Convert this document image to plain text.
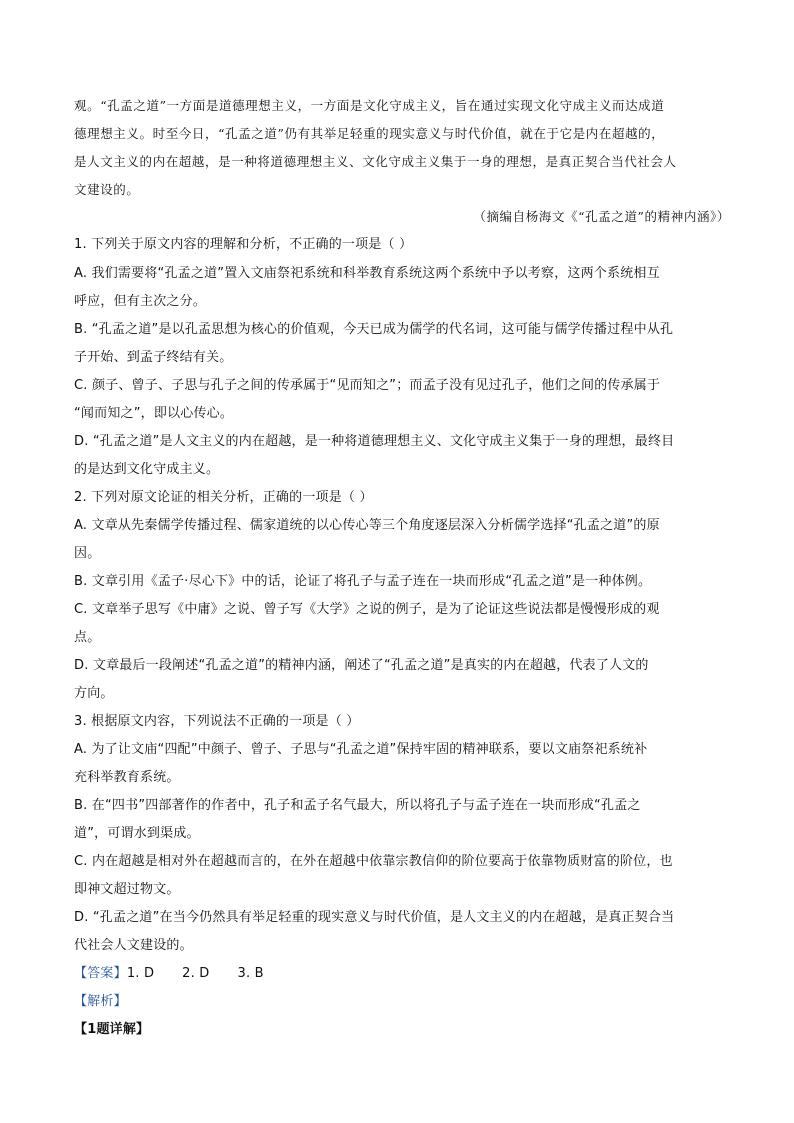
观。“孔孟之道”一方面是道德理想主义，一方面是文化守成主义，旨在通过实现文化守成主义而达成道
德理想主义。时至今日，“孔孟之道”仍有其举足轻重的现实意义与时代价值，就在于它是内在超越的，
是人文主义的内在超越，是一种将道德理想主义、文化守成主义集于一身的理想，是真正契合当代社会人
文建设的。
（摘编自杨海文《“孔孟之道”的精神内涵》）
1. 下列关于原文内容的理解和分析，不正确的一项是（ ）
A. 我们需要将“孔孟之道”置入文庙祭祀系统和科举教育系统这两个系统中予以考察，这两个系统相互
呼应，但有主次之分。
B. “孔孟之道”是以孔孟思想为核心的价值观，今天已成为儒学的代名词，这可能与儒学传播过程中从孔
子开始、到孟子终结有关。
C. 颜子、曾子、子思与孔子之间的传承属于“见而知之”；而孟子没有见过孔子，他们之间的传承属于
“闻而知之”，即以心传心。
D. “孔孟之道”是人文主义的内在超越，是一种将道德理想主义、文化守成主义集于一身的理想，最终目
的是达到文化守成主义。
2. 下列对原文论证的相关分析，正确的一项是（ ）
A. 文章从先秦儒学传播过程、儒家道统的以心传心等三个角度逐层深入分析儒学选择“孔孟之道”的原
因。
B. 文章引用《孟子·尽心下》中的话，论证了将孔子与孟子连在一块而形成“孔孟之道”是一种体例。
C. 文章举子思写《中庸》之说、曾子写《大学》之说的例子，是为了论证这些说法都是慢慢形成的观
点。
D. 文章最后一段阐述“孔孟之道”的精神内涵，阐述了“孔孟之道”是真实的内在超越，代表了人文的
方向。
3. 根据原文内容，下列说法不正确的一项是（ ）
A. 为了让文庙“四配”中颜子、曾子、子思与“孔孟之道”保持牢固的精神联系，要以文庙祭祀系统补
充科举教育系统。
B. 在“四书”四部著作的作者中，孔子和孟子名气最大，所以将孔子与孟子连在一块而形成“孔孟之
道”，可谓水到渠成。
C. 内在超越是相对外在超越而言的，在外在超越中依靠宗教信仰的阶位要高于依靠物质财富的阶位，也
即神文超过物文。
D. “孔孟之道”在当今仍然具有举足轻重的现实意义与时代价值，是人文主义的内在超越，是真正契合当
代社会人文建设的。
【答案】1. D 2. D 3. B
【解析】
【1题详解】
